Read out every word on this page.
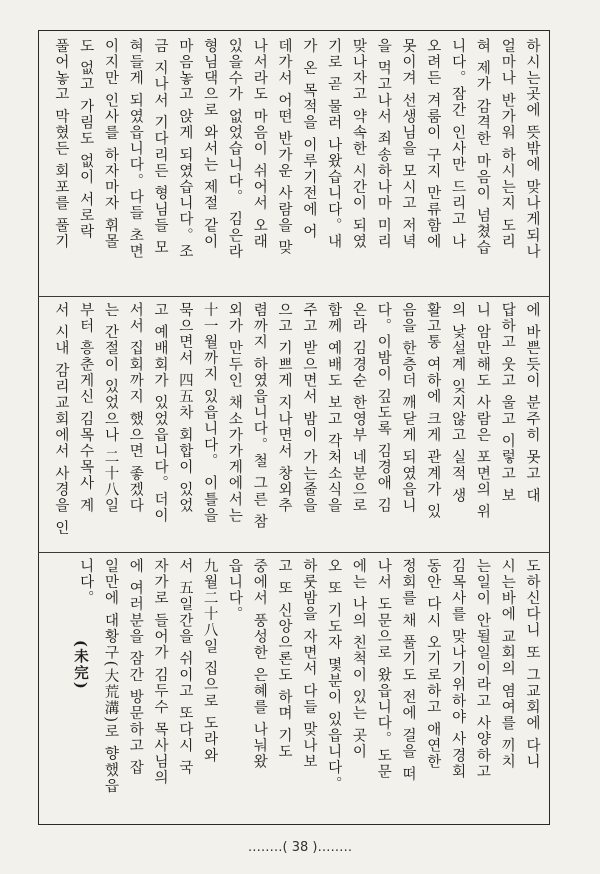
하시는곳에 뜻밖에 맞나게되나
얼마나 반가워 하시는지 도리
혀 제가 감격한 마음이 넘쳤습
니다。잠간 인사만 드리고 나
오려든 겨룸이 구지 만류함에
못이겨 선생님을 모시고 저녁
을 먹고나서 죄송하나마 미리
맞나자고 약속한 시간이 되였
기로 곧 물러 나왔습니다。내
가 온 목적을 이루기전에 어
데가서 어떤 반가운 사람을 맞
나서라도 마음이 쉬어서 오래
있을수가 없었습니다。 김은라
형님댁으로 와서는 제절 같이
마음놓고 앉게 되였습니다。조
금 지나서 기다리든 형님들 모
혀들게 되였읍니다。다들 초면
이지만 인사를 하자마자 휘몰
도 없고 가림도 없이 서로락
풀어놓고 막혔든 회포를 풀기
에 바쁜듯이 분주히 못고 대
답하고 웃고 울고 이렇고 보
니 암만해도 사람은 포면의 위
의 낯설계 잊지않고 실적 생
활고통 여하에 크게 관계가 있
음을 한층더 깨닫게 되였읍니
다。이밤이 깊도록 김경애 김
온라 김경순 한영부 네분으로
함께 예배도 보고 각처소식을
주고 받으면서 밤이 가는줄을
으고 기쁘게 지나면서 창외추
렴까지 하였읍니다。철 그른 참
외가 만두인 채소가가게에서는
十一월까지 있읍니다。 이틀을
묵으면서 四五차 회합이 있었
고 예배회가 있었읍니다。더이
서서 집회까지 했으면 좋겠다
는 간절이 있었으나 二十八일
부터 흥춘게신 김목수목사 계
서 시내 감리교회에서 사경을 인
도하신다니 또 그교회에 다니
시는바에 교회의 염여를 끼치
는일이 안될일이라고 사양하고
김목사를 맞나기위하야 사경회
동안 다시 오기로하고 애연한
정회를 채 풀기도 전에 걸을 떠
나서 도문으로 왔읍니다。도문
에는 나의 친척이 있는 곳이
오 또 기도자 몇분이 있읍니다。
하룻밤을 자면서 다들 맞나보
고 또 신앙으론도 하며 기도
중에서 풍성한 은혜를 나눠왔
읍니다。
九월二十八일 집으로 도라와
서 五일간을 쉬이고 또다시 국
자가로 들어가 김두수 목사님의
에 여러분을 잠간 방문하고 잡
일만에 대황구(大荒溝)로 향했읍
니다。
(未完)
……‥( 38 )‥……
